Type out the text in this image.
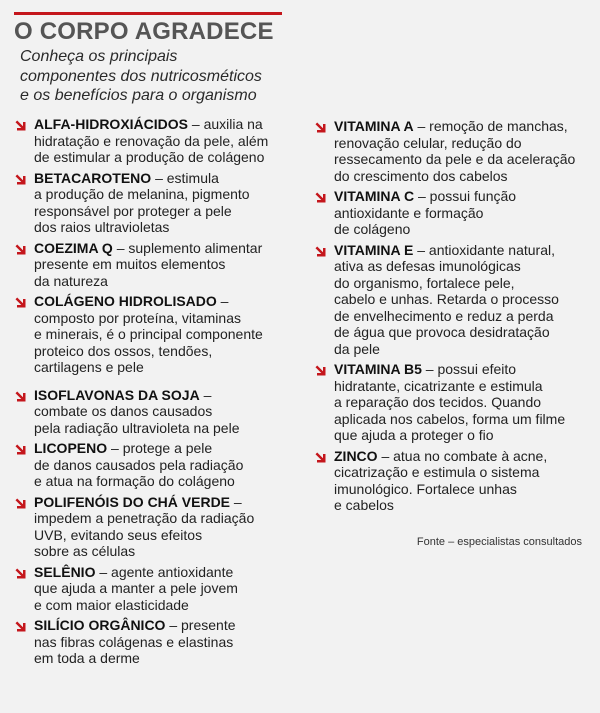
O CORPO AGRADECE
Conheça os principais
componentes dos nutricosméticos
e os benefícios para o organismo
ALFA-HIDROXIÁCIDOS – auxilia na
hidratação e renovação da pele, além
de estimular a produção de colágeno
BETACAROTENO – estimula
a produção de melanina, pigmento
responsável por proteger a pele
dos raios ultravioletas
COEZIMA Q – suplemento alimentar
presente em muitos elementos
da natureza
COLÁGENO HIDROLISADO –
composto por proteína, vitaminas
e minerais, é o principal componente
proteico dos ossos, tendões,
cartilagens e pele
ISOFLAVONAS DA SOJA –
combate os danos causados
pela radiação ultravioleta na pele
LICOPENO – protege a pele
de danos causados pela radiação
e atua na formação do colágeno
POLIFENÓIS DO CHÁ VERDE –
impedem a penetração da radiação
UVB, evitando seus efeitos
sobre as células
SELÊNIO – agente antioxidante
que ajuda a manter a pele jovem
e com maior elasticidade
SILÍCIO ORGÂNICO – presente
nas fibras colágenas e elastinas
em toda a derme
VITAMINA A – remoção de manchas,
renovação celular, redução do
ressecamento da pele e da aceleração
do crescimento dos cabelos
VITAMINA C – possui função
antioxidante e formação
de colágeno
VITAMINA E – antioxidante natural,
ativa as defesas imunológicas
do organismo, fortalece pele,
cabelo e unhas. Retarda o processo
de envelhecimento e reduz a perda
de água que provoca desidratação
da pele
VITAMINA B5 – possui efeito
hidratante, cicatrizante e estimula
a reparação dos tecidos. Quando
aplicada nos cabelos, forma um filme
que ajuda a proteger o fio
ZINCO – atua no combate à acne,
cicatrização e estimula o sistema
imunológico. Fortalece unhas
e cabelos
Fonte – especialistas consultados
